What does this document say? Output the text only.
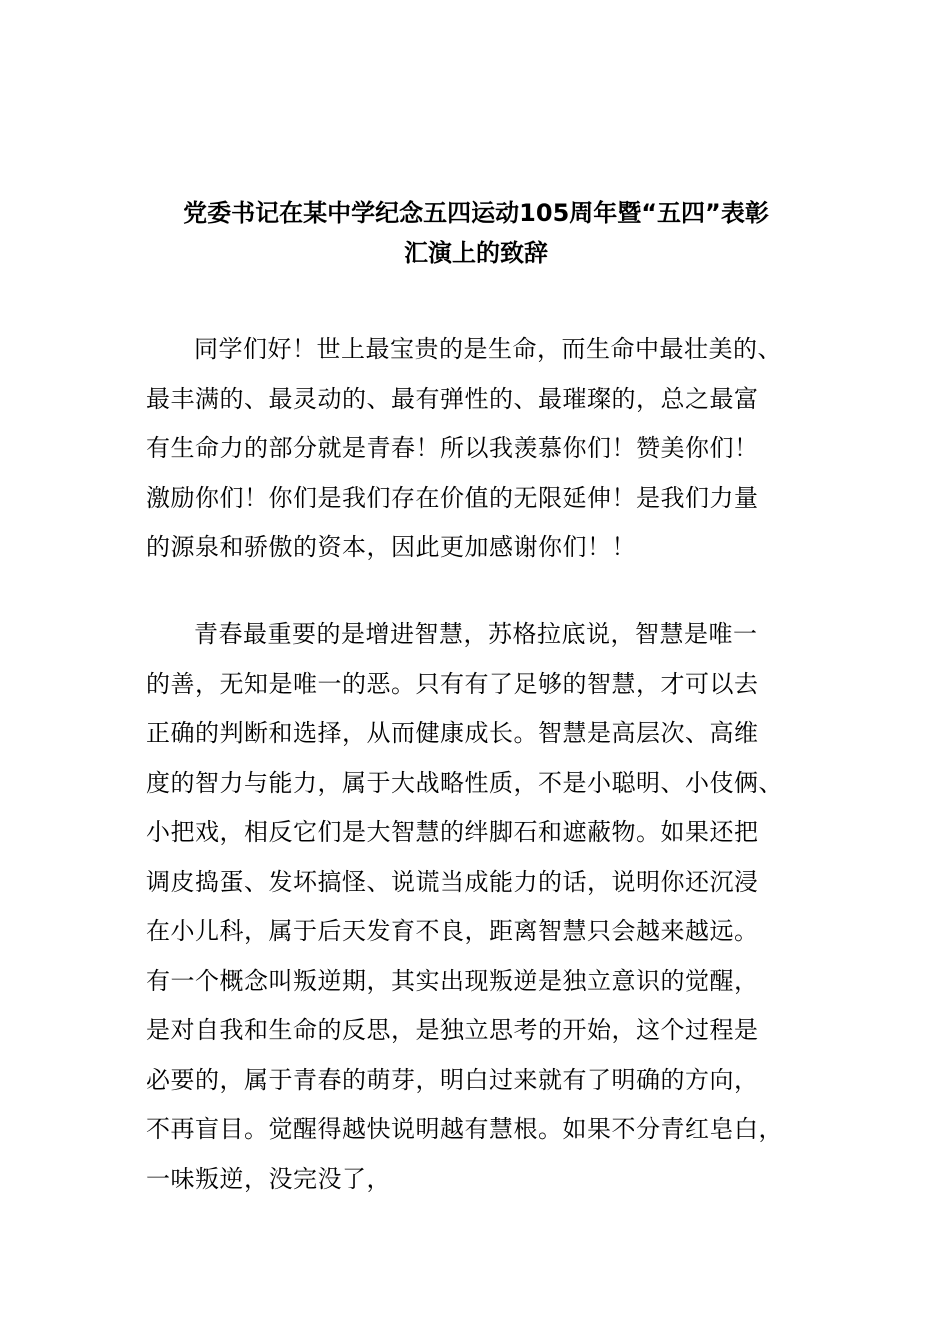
党委书记在某中学纪念五四运动105周年暨“五四”表彰
汇演上的致辞

同学们好！世上最宝贵的是生命，而生命中最壮美的、
最丰满的、最灵动的、最有弹性的、最璀璨的，总之最富
有生命力的部分就是青春！所以我羡慕你们！赞美你们！
激励你们！你们是我们存在价值的无限延伸！是我们力量
的源泉和骄傲的资本，因此更加感谢你们！！

青春最重要的是增进智慧，苏格拉底说，智慧是唯一
的善，无知是唯一的恶。只有有了足够的智慧，才可以去
正确的判断和选择，从而健康成长。智慧是高层次、高维
度的智力与能力，属于大战略性质，不是小聪明、小伎俩、
小把戏，相反它们是大智慧的绊脚石和遮蔽物。如果还把
调皮捣蛋、发坏搞怪、说谎当成能力的话，说明你还沉浸
在小儿科，属于后天发育不良，距离智慧只会越来越远。
有一个概念叫叛逆期，其实出现叛逆是独立意识的觉醒，
是对自我和生命的反思，是独立思考的开始，这个过程是
必要的，属于青春的萌芽，明白过来就有了明确的方向，
不再盲目。觉醒得越快说明越有慧根。如果不分青红皂白，
一味叛逆，没完没了，
